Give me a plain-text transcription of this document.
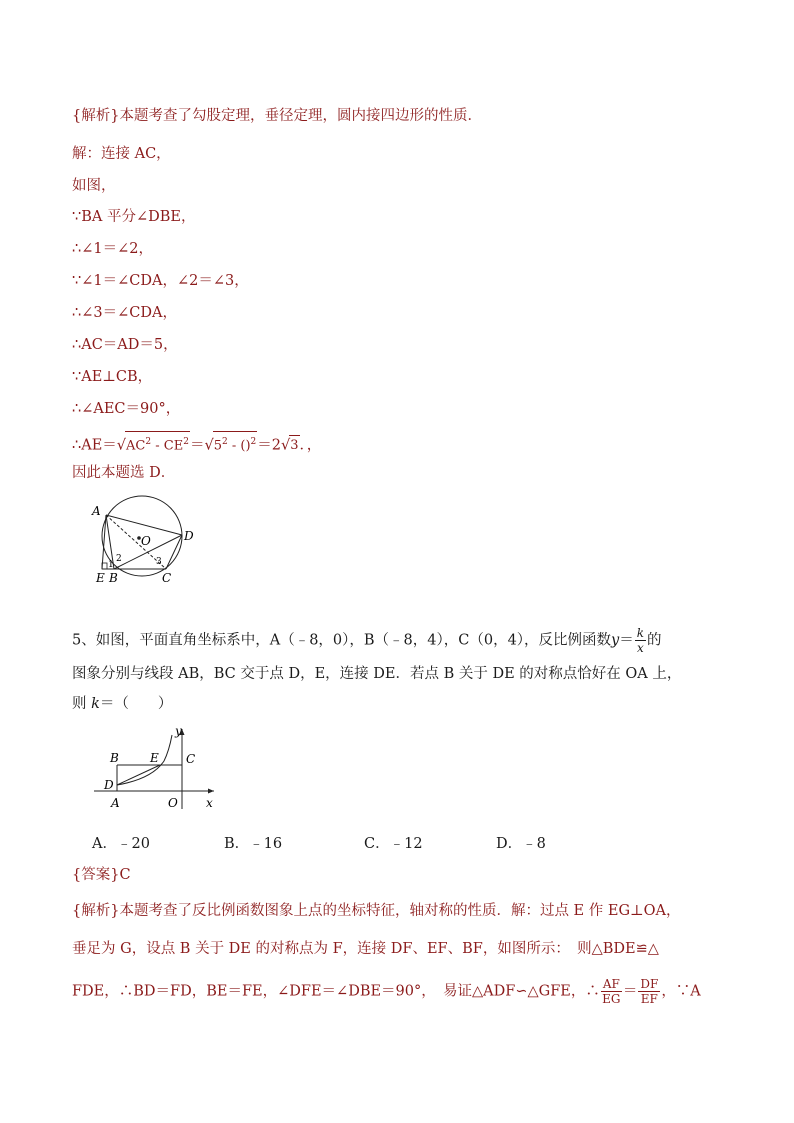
{解析}本题考查了勾股定理，垂径定理，圆内接四边形的性质．
解：连接 AC，
如图，
∵BA 平分∠DBE，
∴∠1＝∠2，
∵∠1＝∠CDA，∠2＝∠3，
∴∠3＝∠CDA，
∴AC＝AD＝5，
∵AE⊥CB，
∴∠AEC＝90°，
$\therefore AE=√AC^2 - CE^2=√5^2 - ()^2=2√3$．，
因此本题选 D．
A
D
O
E B	C
1
2	3
5、如图，平面直角坐标系中，A（﹣8，0），B（﹣8，4），C（0，4），反比例函数$y= \frac{k}{x}$ 的
图象分别与线段 AB，BC 交于点 D，E，连接 DE．若点 B 关于 DE 的对称点恰好在 OA 上，
则 k＝（　　）
y
x
B	E C
D
A	O
A．﹣20	B．﹣16	C．﹣12	D．﹣8
{答案}C
{解析}本题考查了反比例函数图象上点的坐标特征，轴对称的性质．解：过点 E 作 EG⊥OA，
垂足为 G，设点 B 关于 DE 的对称点为 F，连接 DF、EF、BF，如图所示：　则△BDE≌△
FDE，∴BD＝FD，BE＝FE，∠DFE＝∠DBE＝90°，　易证△ADF∽△GFE，∴ $\frac{AF}{EG} = \frac{DF}{EF}$ ，∵A
